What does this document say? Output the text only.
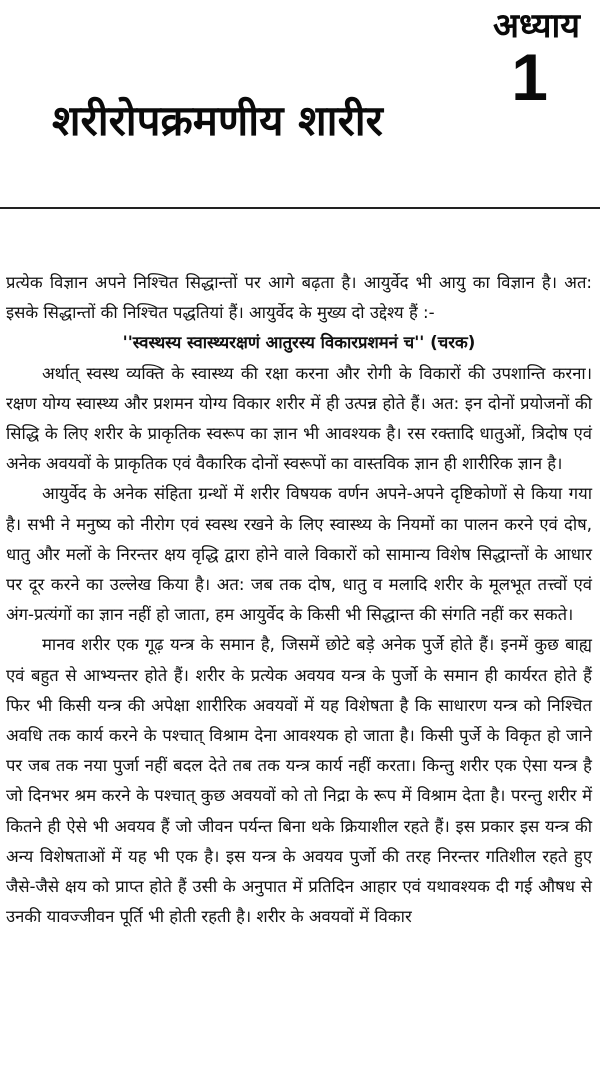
अध्याय
1
शरीरोपक्रमणीय शारीर

प्रत्येक विज्ञान अपने निश्चित सिद्धान्तों पर आगे बढ़ता है। आयुर्वेद भी आयु का विज्ञान है। अत: इसके सिद्धान्तों की निश्चित पद्धतियां हैं। आयुर्वेद के मुख्य दो उद्देश्य हैं :-

''स्वस्थस्य स्वास्थ्यरक्षणं आतुरस्य विकारप्रशमनं च'' (चरक)

अर्थात् स्वस्थ व्यक्ति के स्वास्थ्य की रक्षा करना और रोगी के विकारों की उपशान्ति करना। रक्षण योग्य स्वास्थ्य और प्रशमन योग्य विकार शरीर में ही उत्पन्न होते हैं। अत: इन दोनों प्रयोजनों की सिद्धि के लिए शरीर के प्राकृतिक स्वरूप का ज्ञान भी आवश्यक है। रस रक्तादि धातुओं, त्रिदोष एवं अनेक अवयवों के प्राकृतिक एवं वैकारिक दोनों स्वरूपों का वास्तविक ज्ञान ही शारीरिक ज्ञान है।

आयुर्वेद के अनेक संहिता ग्रन्थों में शरीर विषयक वर्णन अपने-अपने दृष्टिकोणों से किया गया है। सभी ने मनुष्य को नीरोग एवं स्वस्थ रखने के लिए स्वास्थ्य के नियमों का पालन करने एवं दोष, धातु और मलों के निरन्तर क्षय वृद्धि द्वारा होने वाले विकारों को सामान्य विशेष सिद्धान्तों के आधार पर दूर करने का उल्लेख किया है। अत: जब तक दोष, धातु व मलादि शरीर के मूलभूत तत्त्वों एवं अंग-प्रत्यंगों का ज्ञान नहीं हो जाता, हम आयुर्वेद के किसी भी सिद्धान्त की संगति नहीं कर सकते।

मानव शरीर एक गूढ़ यन्त्र के समान है, जिसमें छोटे बड़े अनेक पुर्जे होते हैं। इनमें कुछ बाह्य एवं बहुत से आभ्यन्तर होते हैं। शरीर के प्रत्येक अवयव यन्त्र के पुर्जो के समान ही कार्यरत होते हैं फिर भी किसी यन्त्र की अपेक्षा शारीरिक अवयवों में यह विशेषता है कि साधारण यन्त्र को निश्चित अवधि तक कार्य करने के पश्चात् विश्राम देना आवश्यक हो जाता है। किसी पुर्जे के विकृत हो जाने पर जब तक नया पुर्जा नहीं बदल देते तब तक यन्त्र कार्य नहीं करता। किन्तु शरीर एक ऐसा यन्त्र है जो दिनभर श्रम करने के पश्चात् कुछ अवयवों को तो निद्रा के रूप में विश्राम देता है। परन्तु शरीर में कितने ही ऐसे भी अवयव हैं जो जीवन पर्यन्त बिना थके क्रियाशील रहते हैं। इस प्रकार इस यन्त्र की अन्य विशेषताओं में यह भी एक है। इस यन्त्र के अवयव पुर्जो की तरह निरन्तर गतिशील रहते हुए जैसे-जैसे क्षय को प्राप्त होते हैं उसी के अनुपात में प्रतिदिन आहार एवं यथावश्यक दी गई औषध से उनकी यावज्जीवन पूर्ति भी होती रहती है। शरीर के अवयवों में विकार
